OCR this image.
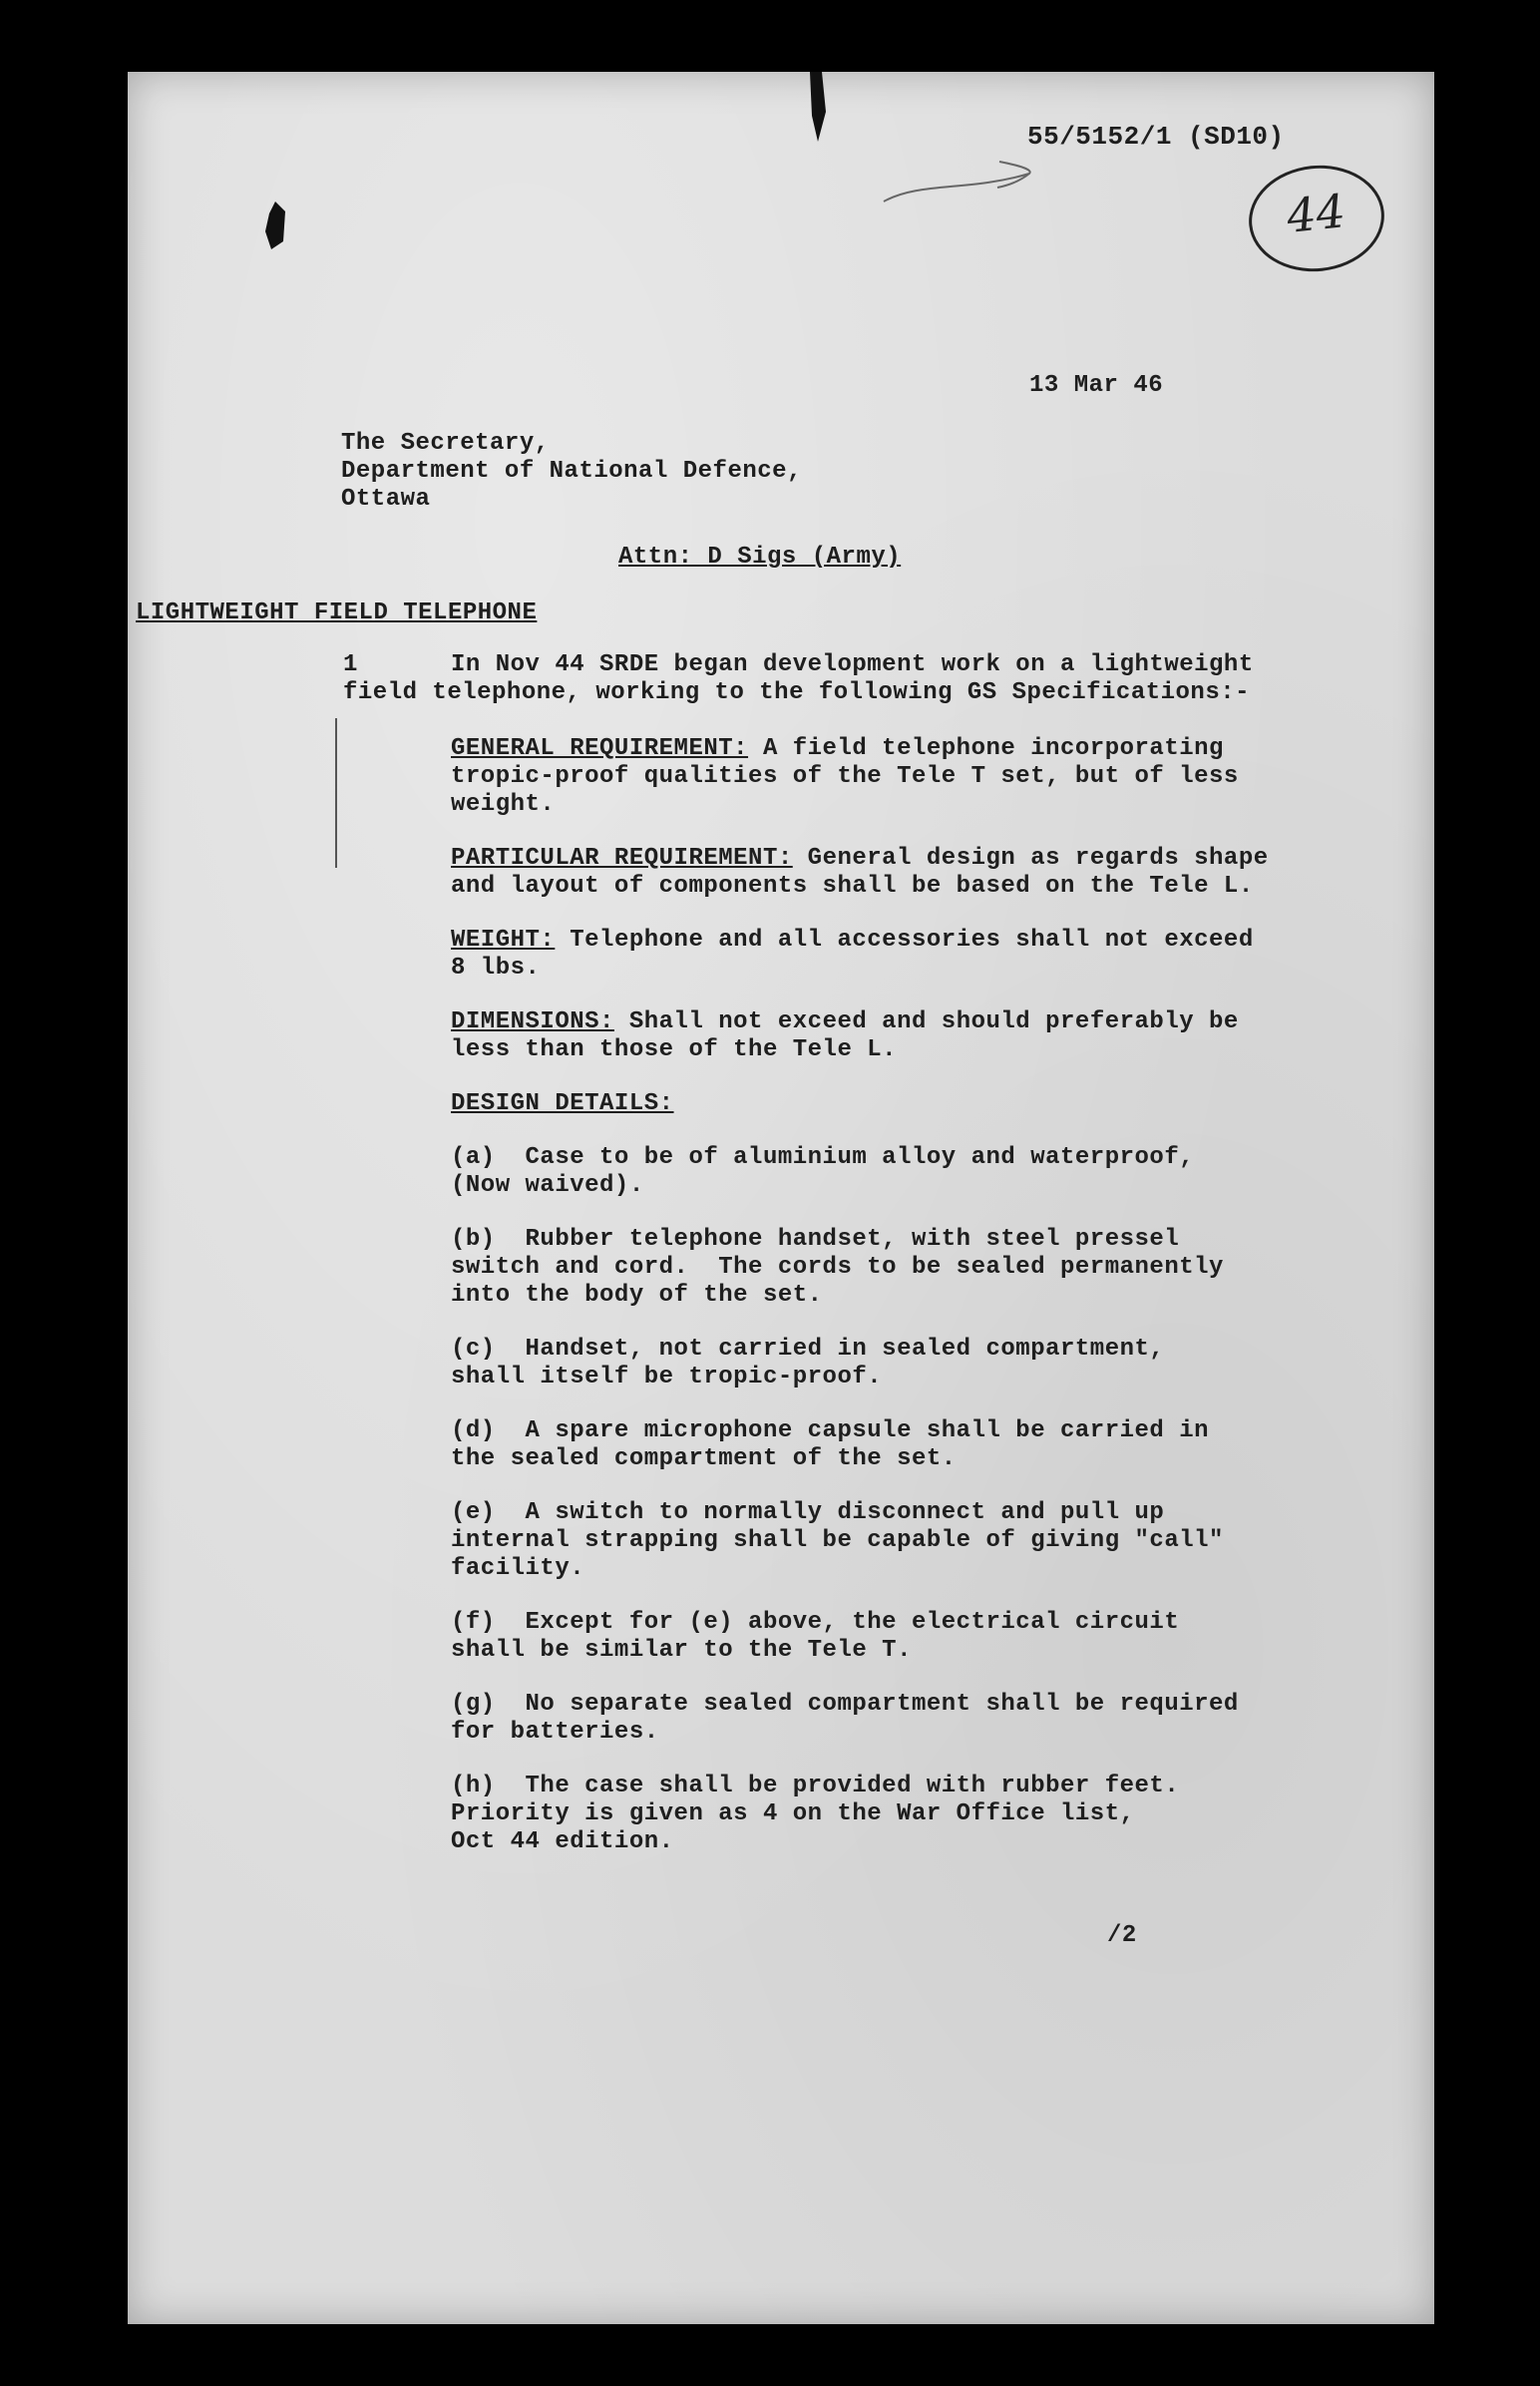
55/5152/1 (SD10)
44
13 Mar 46
The Secretary,
Department of National Defence,
Ottawa
Attn: D Sigs (Army)
LIGHTWEIGHT FIELD TELEPHONE
1	In Nov 44 SRDE began development work on a lightweight
field telephone, working to the following GS Specifications:-
GENERAL REQUIREMENT: A field telephone incorporating
tropic-proof qualities of the Tele T set, but of less
weight.
PARTICULAR REQUIREMENT: General design as regards shape
and layout of components shall be based on the Tele L.
WEIGHT: Telephone and all accessories shall not exceed
8 lbs.
DIMENSIONS: Shall not exceed and should preferably be
less than those of the Tele L.
DESIGN DETAILS:
(a)  Case to be of aluminium alloy and waterproof,
(Now waived).
(b)  Rubber telephone handset, with steel pressel
switch and cord.  The cords to be sealed permanently
into the body of the set.
(c)  Handset, not carried in sealed compartment,
shall itself be tropic-proof.
(d)  A spare microphone capsule shall be carried in
the sealed compartment of the set.
(e)  A switch to normally disconnect and pull up
internal strapping shall be capable of giving "call"
facility.
(f)  Except for (e) above, the electrical circuit
shall be similar to the Tele T.
(g)  No separate sealed compartment shall be required
for batteries.
(h)  The case shall be provided with rubber feet.
Priority is given as 4 on the War Office list,
Oct 44 edition.
/2
